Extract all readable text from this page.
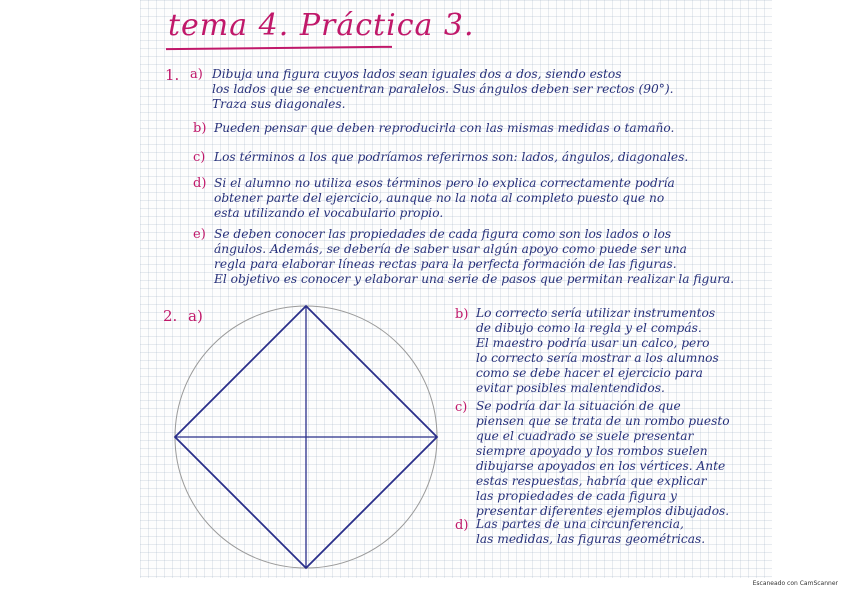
tema 4. Práctica 3.
1. a) Dibuja una figura cuyos lados sean iguales dos a dos, siendo estos
los lados que se encuentran paralelos. Sus ángulos deben ser rectos (90°).
Traza sus diagonales.
b) Pueden pensar que deben reproducirla con las mismas medidas o tamaño.
c) Los términos a los que podríamos referirnos son: lados, ángulos, diagonales.
d) Si el alumno no utiliza esos términos pero lo explica correctamente podría
obtener parte del ejercicio, aunque no la nota al completo puesto que no
esta utilizando el vocabulario propio.
e) Se deben conocer las propiedades de cada figura como son los lados o los
ángulos. Además, se debería de saber usar algún apoyo como puede ser una
regla para elaborar líneas rectas para la perfecta formación de las figuras.
El objetivo es conocer y elaborar una serie de pasos que permitan realizar la figura.
2. a)	b) Lo correcto sería utilizar instrumentos
de dibujo como la regla y el compás.
El maestro podría usar un calco, pero
lo correcto sería mostrar a los alumnos
como se debe hacer el ejercicio para
evitar posibles malentendidos.
c) Se podría dar la situación de que
piensen que se trata de un rombo puesto
que el cuadrado se suele presentar
siempre apoyado y los rombos suelen
dibujarse apoyados en los vértices. Ante
estas respuestas, habría que explicar
las propiedades de cada figura y
presentar diferentes ejemplos dibujados.
d) Las partes de una circunferencia,
las medidas, las figuras geométricas.
Escaneado con CamScanner
